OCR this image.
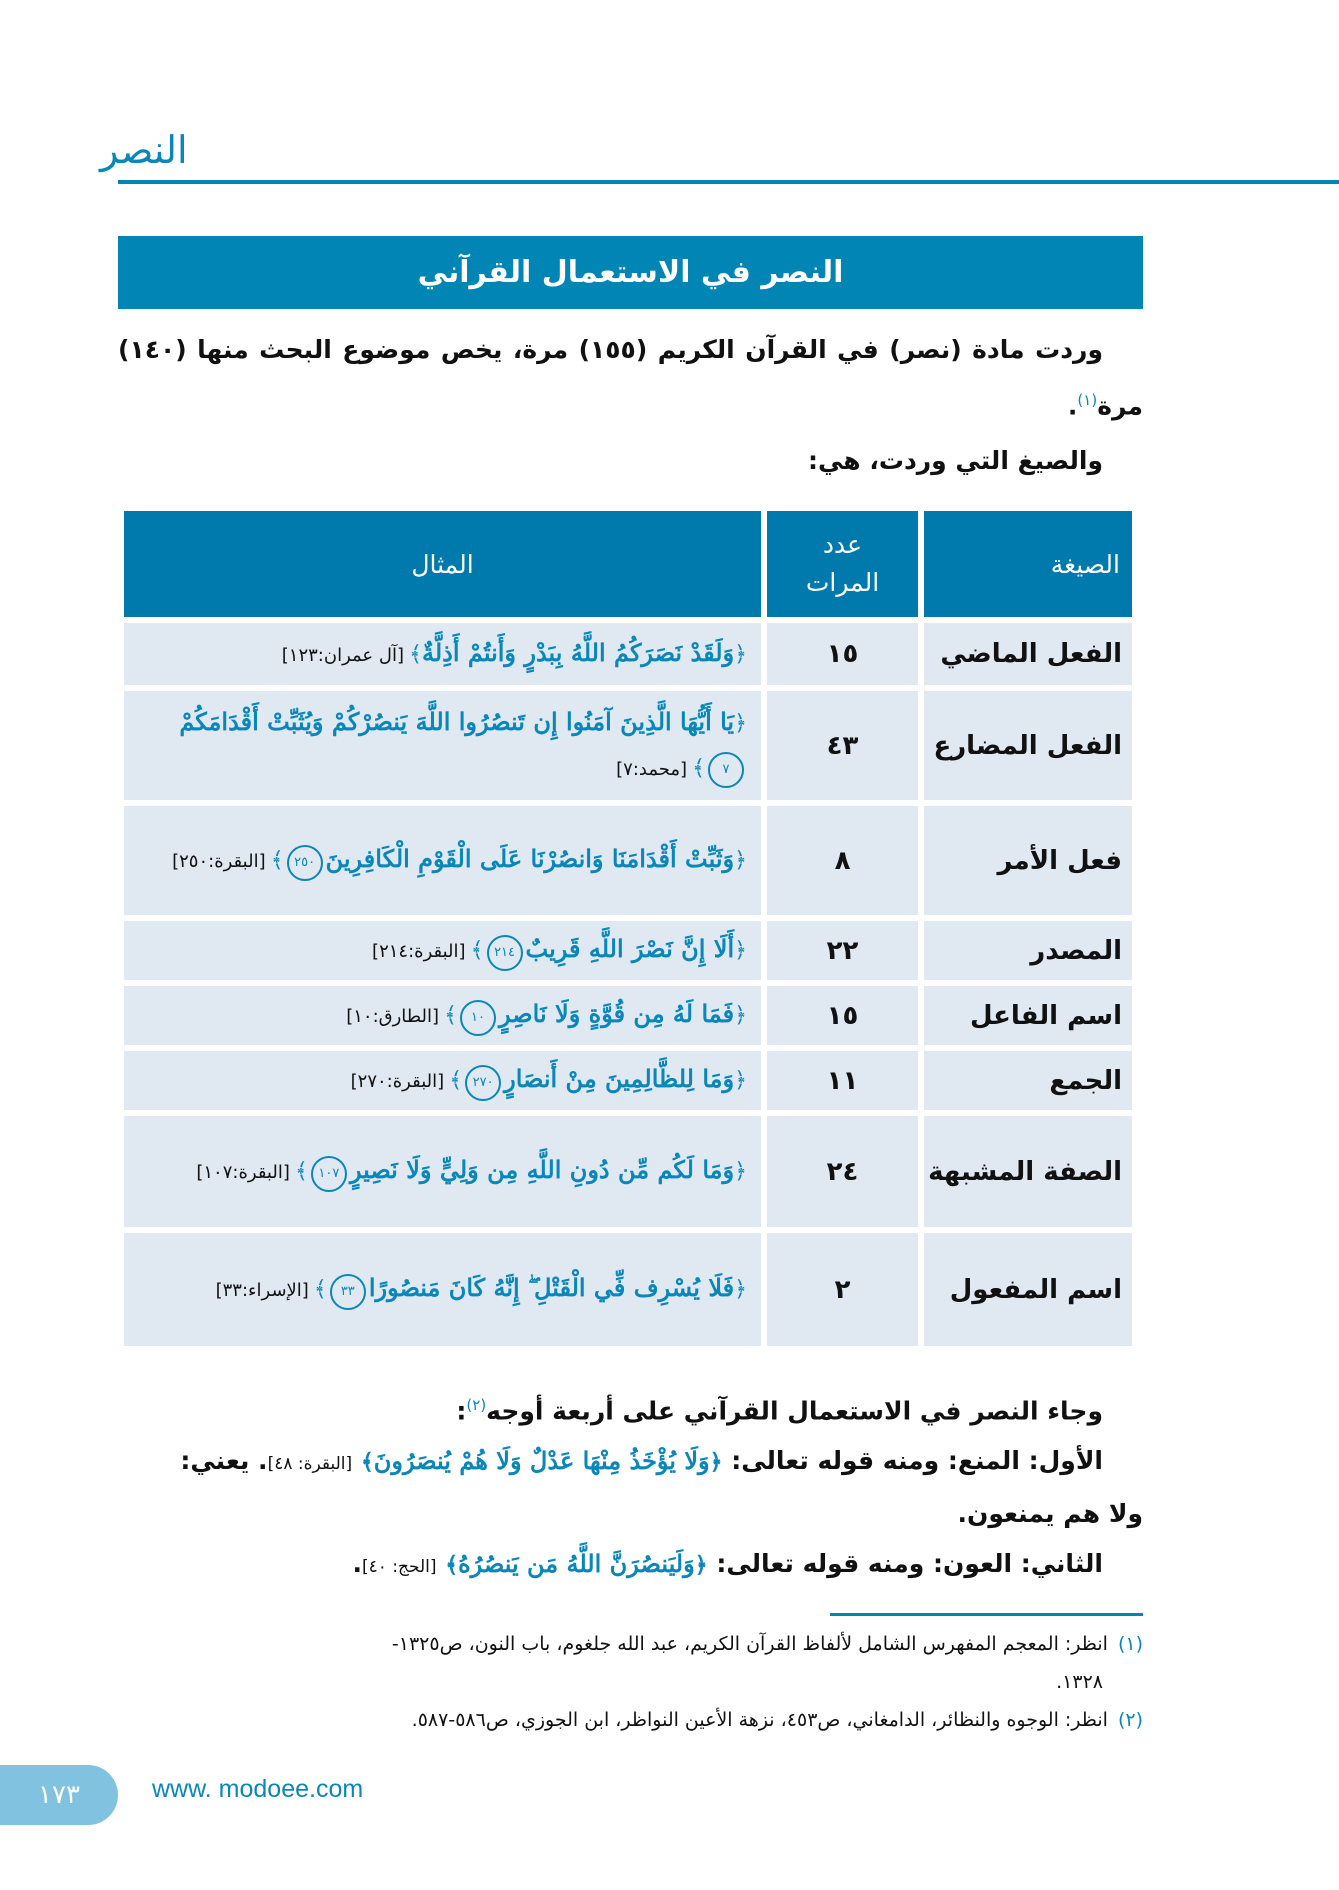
النصر
النصر في الاستعمال القرآني
وردت مادة (نصر) في القرآن الكريم (١٥٥) مرة، يخص موضوع البحث منها (١٤٠)
مرة$^{(١)}$.
والصيغ التي وردت، هي:
الصيغة	عدد المرات	المثال
الفعل الماضي	١٥	﴿وَلَقَدْ نَصَرَكُمُ اللَّهُ بِبَدْرٍ وَأَنتُمْ أَذِلَّةٌ﴾ [آل عمران:١٢٣]
الفعل المضارع	٤٣	﴿يَا أَيُّهَا الَّذِينَ آمَنُوا إِن تَنصُرُوا اللَّهَ يَنصُرْكُمْ وَيُثَبِّتْ أَقْدَامَكُمْ٧﴾ [محمد:٧]
فعل الأمر	٨	﴿وَثَبِّتْ أَقْدَامَنَا وَانصُرْنَا عَلَى الْقَوْمِ الْكَافِرِينَ٢٥٠﴾ [البقرة:٢٥٠]
المصدر	٢٢	﴿أَلَا إِنَّ نَصْرَ اللَّهِ قَرِيبٌ٢١٤﴾ [البقرة:٢١٤]
اسم الفاعل	١٥	﴿فَمَا لَهُ مِن قُوَّةٍ وَلَا نَاصِرٍ١٠﴾ [الطارق:١٠]
الجمع	١١	﴿وَمَا لِلظَّالِمِينَ مِنْ أَنصَارٍ٢٧٠﴾ [البقرة:٢٧٠]
الصفة المشبهة	٢٤	﴿وَمَا لَكُم مِّن دُونِ اللَّهِ مِن وَلِيٍّ وَلَا نَصِيرٍ١٠٧﴾ [البقرة:١٠٧]
اسم المفعول	٢	﴿فَلَا يُسْرِف فِّي الْقَتْلِ ۖ إِنَّهُ كَانَ مَنصُورًا٣٣﴾ [الإسراء:٣٣]
وجاء النصر في الاستعمال القرآني على أربعة أوجه$^{(٢)}$:
الأول: المنع: ومنه قوله تعالى: ﴿وَلَا يُؤْخَذُ مِنْهَا عَدْلٌ وَلَا هُمْ يُنصَرُونَ﴾ [البقرة: ٤٨]. يعني:
ولا هم يمنعون.
الثاني: العون: ومنه قوله تعالى: ﴿وَلَيَنصُرَنَّ اللَّهُ مَن يَنصُرُهُ﴾ [الحج: ٤٠].
(١)انظر: المعجم المفهرس الشامل لألفاظ القرآن الكريم، عبد الله جلغوم، باب النون، ص١٣٢٥-
١٣٢٨.
(٢)انظر: الوجوه والنظائر، الدامغاني، ص٤٥٣، نزهة الأعين النواظر، ابن الجوزي، ص٥٨٦-٥٨٧.
١٧٣	www. modoee.com
